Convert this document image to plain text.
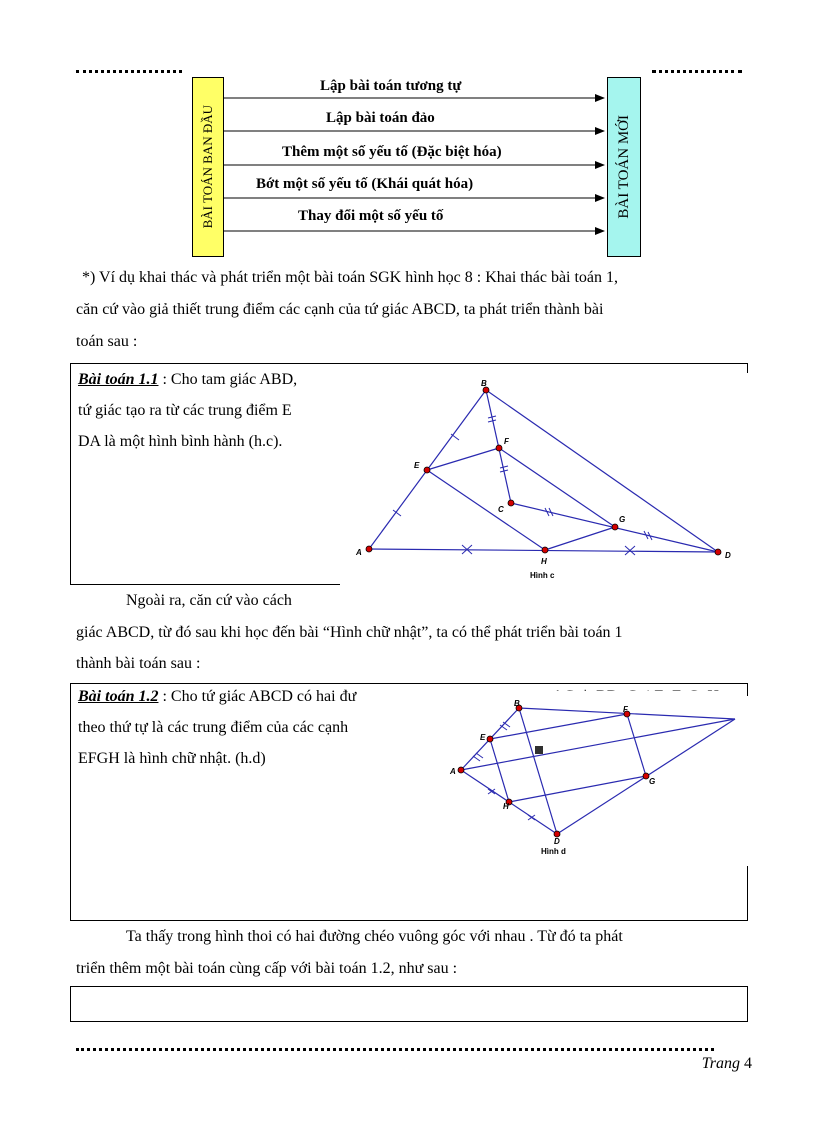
BÀI TOÁN BAN ĐẦU	BÀI TOÁN MỚI
Lập bài toán tương tự
Lập bài toán đảo
Thêm một số yếu tố (Đặc biệt hóa)
Bớt một số yếu tố (Khái quát hóa)
Thay đổi một số yếu tố
*) Ví dụ khai thác và phát triển một bài toán SGK hình học 8 : Khai thác bài toán 1,
căn cứ vào giả thiết trung điểm các cạnh của tứ giác ABCD, ta phát triển thành bài
toán sau :
Bài toán 1.1 : Cho tam giác ABD,
tứ giác tạo ra từ các trung điểm E
DA là một hình bình hành (h.c).
A
B
C
D
E
F
G
H
Hình c
Ngoài ra, căn cứ vào cách
giác ABCD, từ đó sau khi học đến bài “Hình chữ nhật”, ta có thể phát triển bài toán 1
thành bài toán sau :
Bài toán 1.2 : Cho tứ giác ABCD có hai đư
theo thứ tự là các trung điểm của các cạnh
EFGH là hình chữ nhật. (h.d)
A
B
D
E
F
G
H
Hình d
Ta thấy trong hình thoi có hai đường chéo vuông góc với nhau . Từ đó ta phát
triển thêm một bài toán cùng cấp với bài toán 1.2, như sau :
Trang 4
